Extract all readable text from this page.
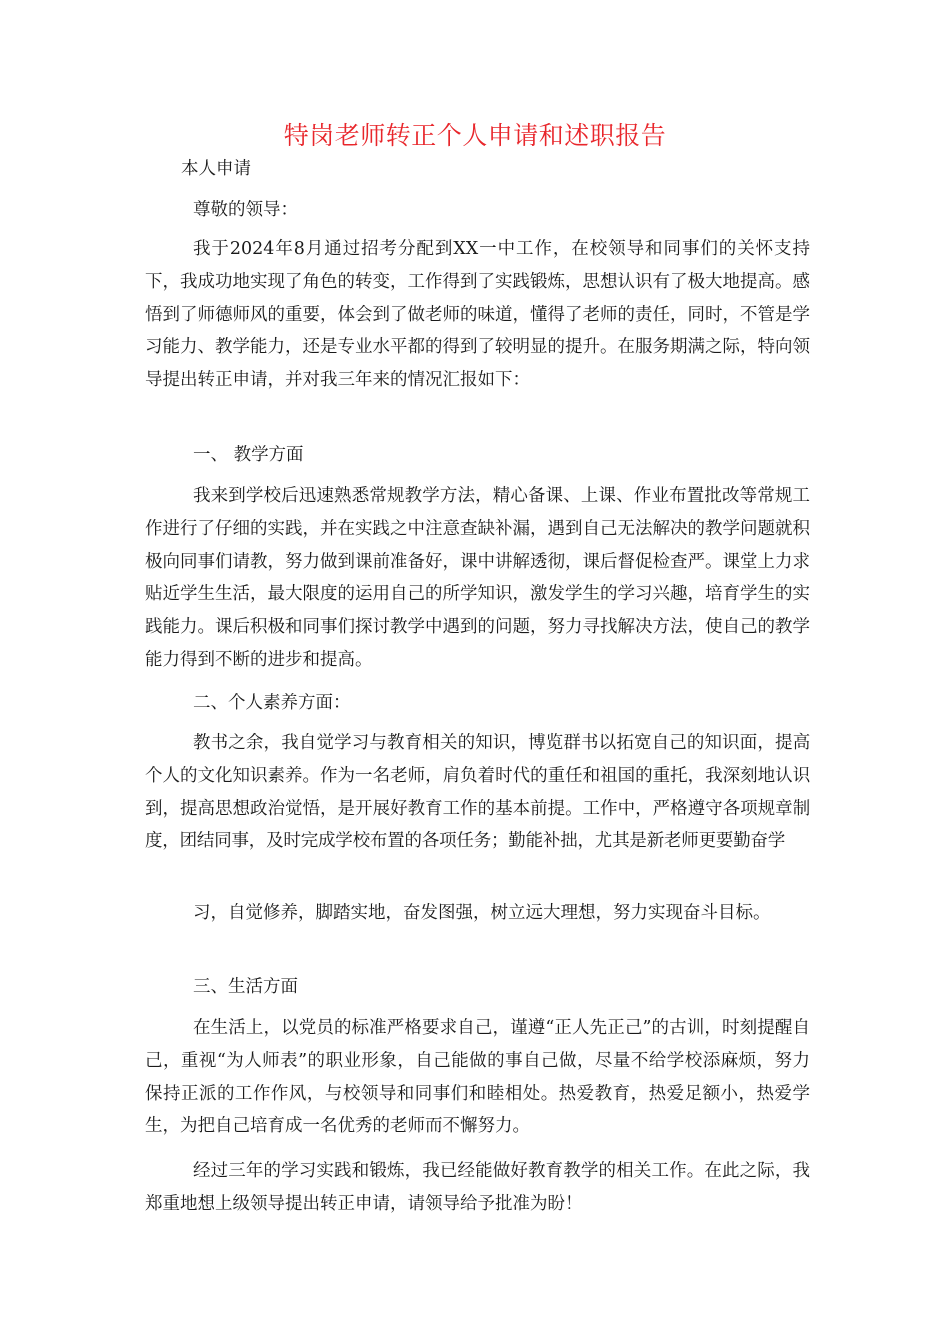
特岗老师转正个人申请和述职报告

本人申请

尊敬的领导：

我于2024年8月通过招考分配到XX一中工作，在校领导和同事们的关怀支持下，我成功地实现了角色的转变，工作得到了实践锻炼，思想认识有了极大地提高。感悟到了师德师风的重要，体会到了做老师的味道，懂得了老师的责任，同时，不管是学习能力、教学能力，还是专业水平都的得到了较明显的提升。在服务期满之际，特向领导提出转正申请，并对我三年来的情况汇报如下：

一、 教学方面

我来到学校后迅速熟悉常规教学方法，精心备课、上课、作业布置批改等常规工作进行了仔细的实践，并在实践之中注意查缺补漏，遇到自己无法解决的教学问题就积极向同事们请教，努力做到课前准备好，课中讲解透彻，课后督促检查严。课堂上力求贴近学生生活，最大限度的运用自己的所学知识，激发学生的学习兴趣，培育学生的实践能力。课后积极和同事们探讨教学中遇到的问题，努力寻找解决方法，使自己的教学能力得到不断的进步和提高。

二、个人素养方面：

教书之余，我自觉学习与教育相关的知识，博览群书以拓宽自己的知识面，提高个人的文化知识素养。作为一名老师，肩负着时代的重任和祖国的重托，我深刻地认识到，提高思想政治觉悟，是开展好教育工作的基本前提。工作中，严格遵守各项规章制度，团结同事，及时完成学校布置的各项任务；勤能补拙，尤其是新老师更要勤奋学

习，自觉修养，脚踏实地，奋发图强，树立远大理想，努力实现奋斗目标。

三、生活方面

在生活上，以党员的标准严格要求自己，谨遵“正人先正己”的古训，时刻提醒自己，重视“为人师表”的职业形象，自己能做的事自己做，尽量不给学校添麻烦，努力保持正派的工作作风，与校领导和同事们和睦相处。热爱教育，热爱足额小，热爱学生，为把自己培育成一名优秀的老师而不懈努力。

经过三年的学习实践和锻炼，我已经能做好教育教学的相关工作。在此之际，我郑重地想上级领导提出转正申请，请领导给予批准为盼！
